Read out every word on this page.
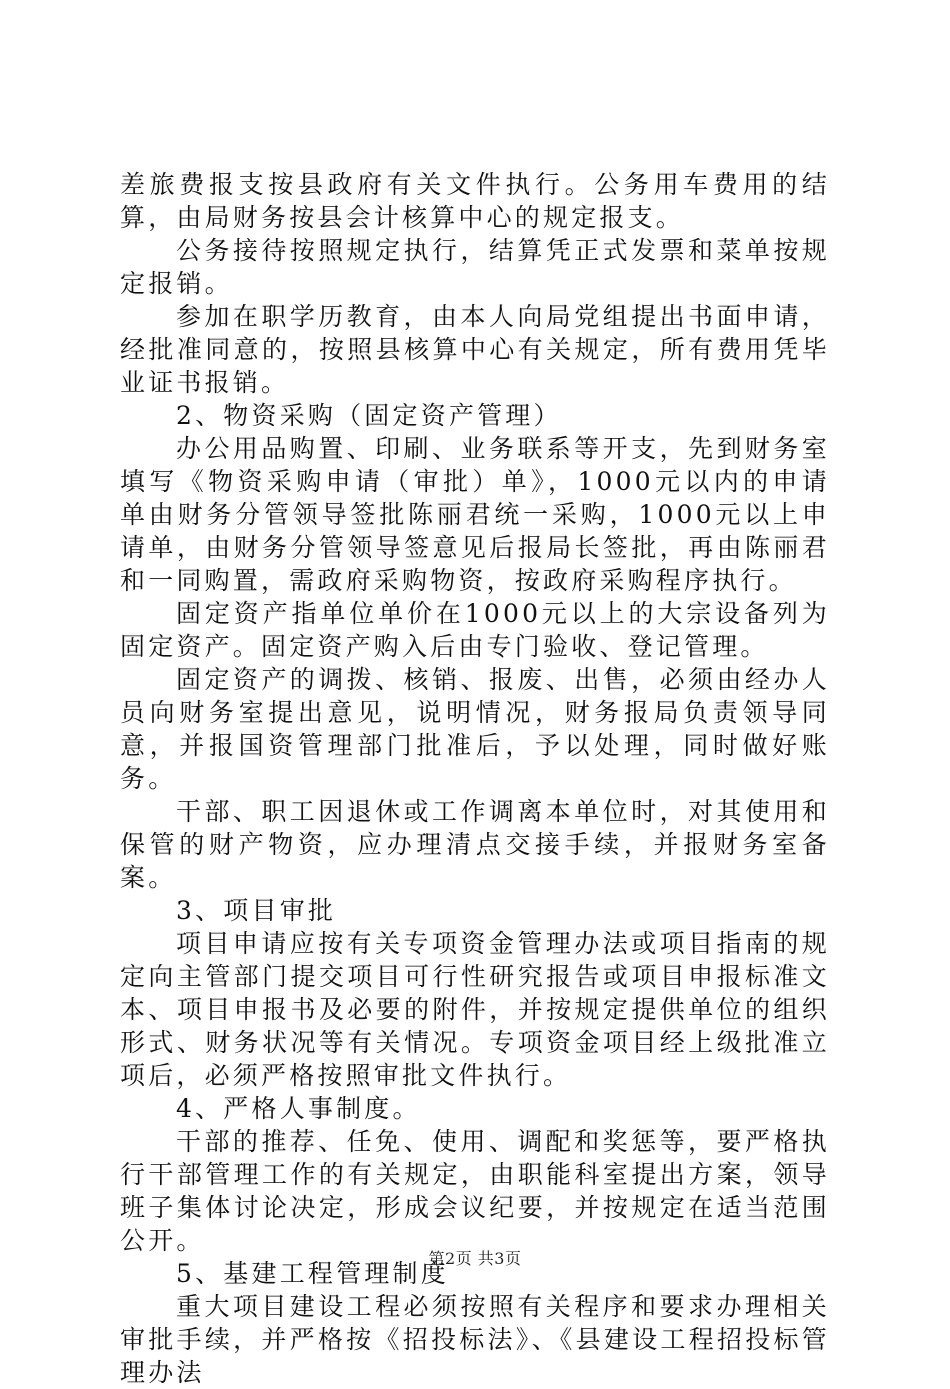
差旅费报支按县政府有关文件执行。公务用车费用的结算，由局财务按县会计核算中心的规定报支。

公务接待按照规定执行，结算凭正式发票和菜单按规定报销。

参加在职学历教育，由本人向局党组提出书面申请，经批准同意的，按照县核算中心有关规定，所有费用凭毕业证书报销。

2、物资采购（固定资产管理）

办公用品购置、印刷、业务联系等开支，先到财务室填写《物资采购申请（审批）单》，1000元以内的申请单由财务分管领导签批陈丽君统一采购，1000元以上申请单，由财务分管领导签意见后报局长签批，再由陈丽君和一同购置，需政府采购物资，按政府采购程序执行。

固定资产指单位单价在1000元以上的大宗设备列为固定资产。固定资产购入后由专门验收、登记管理。

固定资产的调拨、核销、报废、出售，必须由经办人员向财务室提出意见，说明情况，财务报局负责领导同意，并报国资管理部门批准后，予以处理，同时做好账务。

干部、职工因退休或工作调离本单位时，对其使用和保管的财产物资，应办理清点交接手续，并报财务室备案。

3、项目审批

项目申请应按有关专项资金管理办法或项目指南的规定向主管部门提交项目可行性研究报告或项目申报标准文本、项目申报书及必要的附件，并按规定提供单位的组织形式、财务状况等有关情况。专项资金项目经上级批准立项后，必须严格按照审批文件执行。

4、严格人事制度。

干部的推荐、任免、使用、调配和奖惩等，要严格执行干部管理工作的有关规定，由职能科室提出方案，领导班子集体讨论决定，形成会议纪要，并按规定在适当范围公开。

5、基建工程管理制度

重大项目建设工程必须按照有关程序和要求办理相关审批手续，并严格按《招投标法》、《县建设工程招投标管理办法

第2页 共3页
